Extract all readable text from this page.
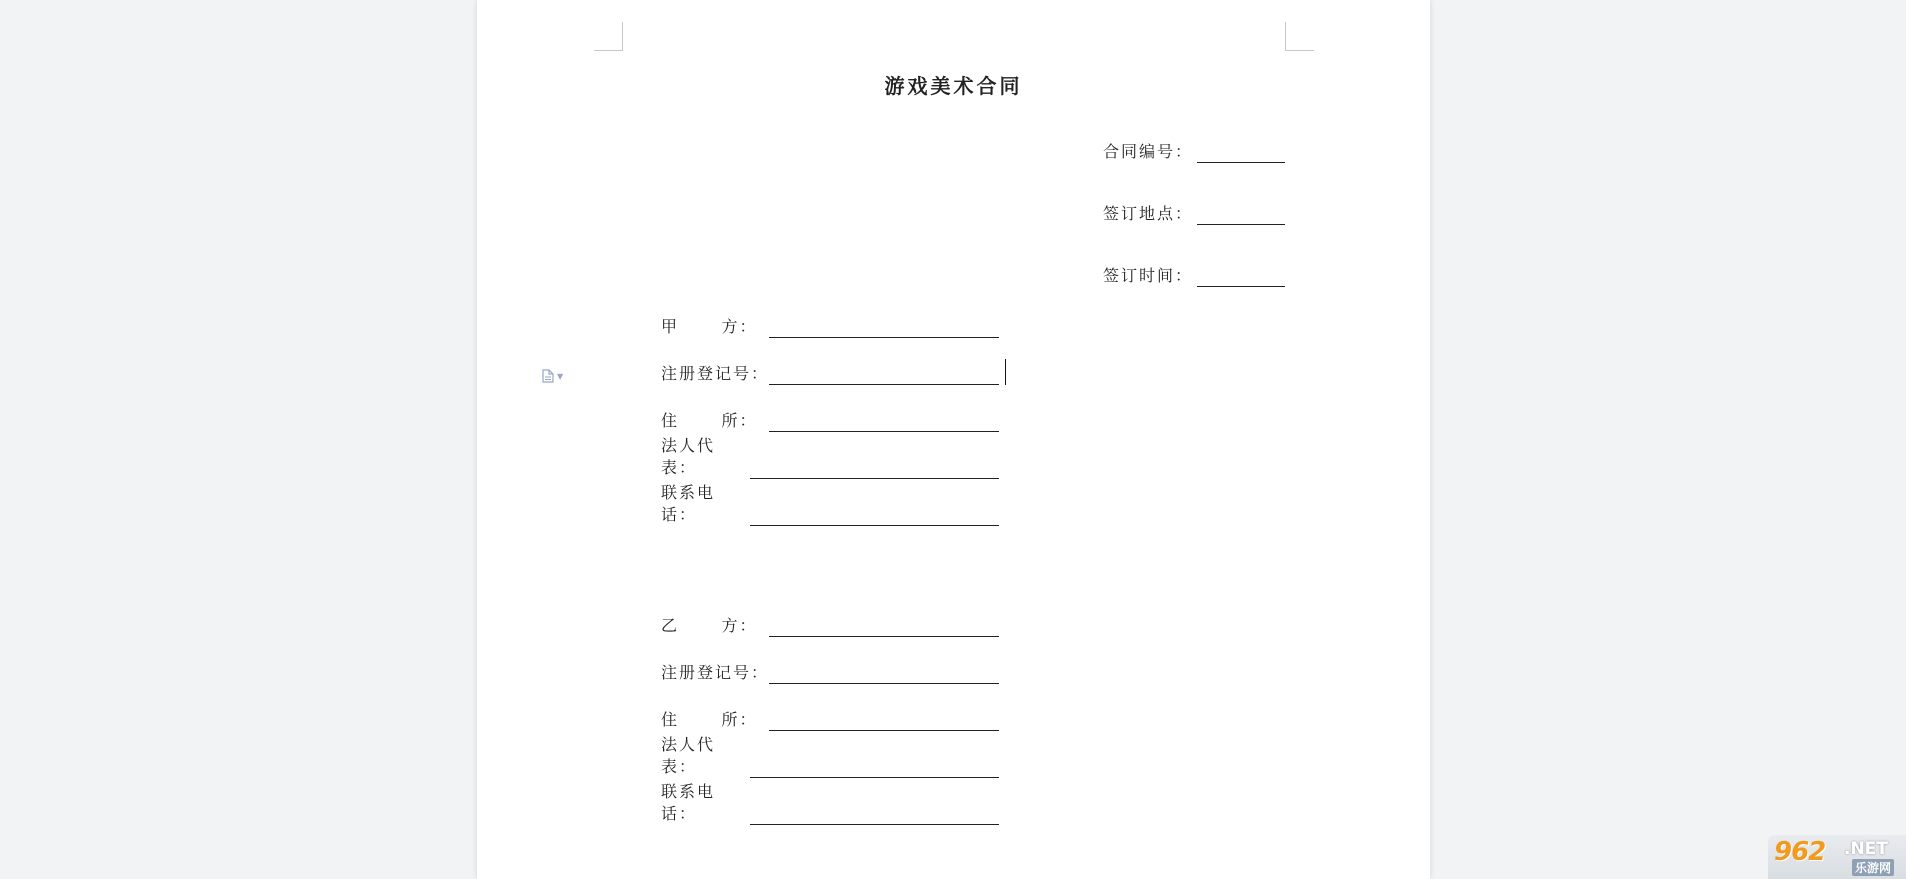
游戏美术合同
合同编号：
签订地点：
签订时间：
甲      方：
注册登记号：
住      所：
法人代表：
联系电话：
乙      方：
注册登记号：
住      所：
法人代表：
联系电话：
▼
962 .NET
乐游网
